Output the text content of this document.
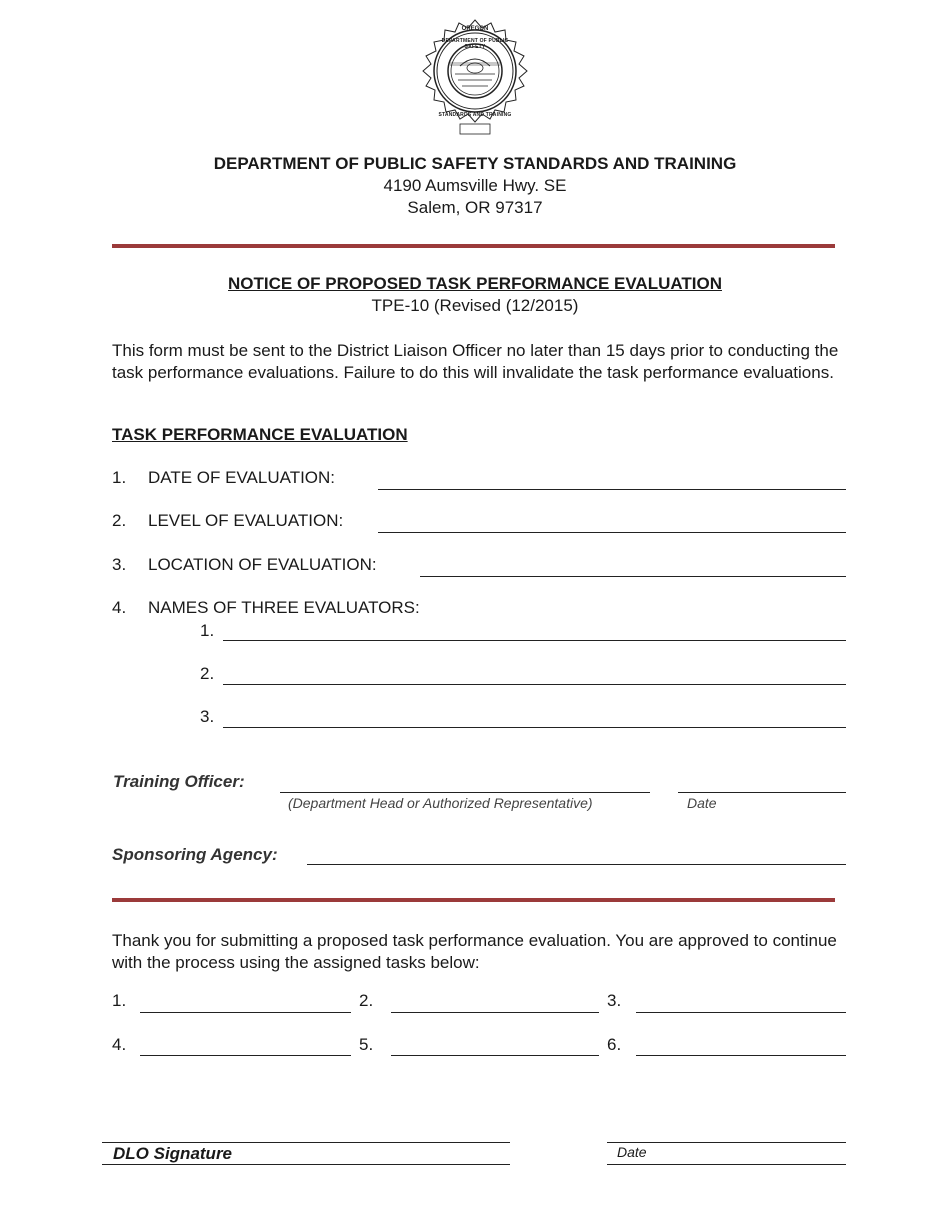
OREGON
DEPARTMENT OF PUBLIC SAFETY
STANDARDS AND TRAINING
DEPARTMENT OF PUBLIC SAFETY STANDARDS AND TRAINING
4190 Aumsville Hwy. SE
Salem, OR 97317
NOTICE OF PROPOSED TASK PERFORMANCE EVALUATION
TPE-10 (Revised (12/2015)
This form must be sent to the District Liaison Officer no later than 15 days prior to conducting the task performance evaluations. Failure to do this will invalidate the task performance evaluations.
TASK PERFORMANCE EVALUATION
1. DATE OF EVALUATION:
2. LEVEL OF EVALUATION:
3. LOCATION OF EVALUATION:
4. NAMES OF THREE EVALUATORS:
1.
2.
3.
Training Officer:
(Department Head or Authorized Representative)	Date
Sponsoring Agency:
Thank you for submitting a proposed task performance evaluation. You are approved to continue with the process using the assigned tasks below:
1.	2.	3.
4.	5.	6.
DLO Signature	Date
